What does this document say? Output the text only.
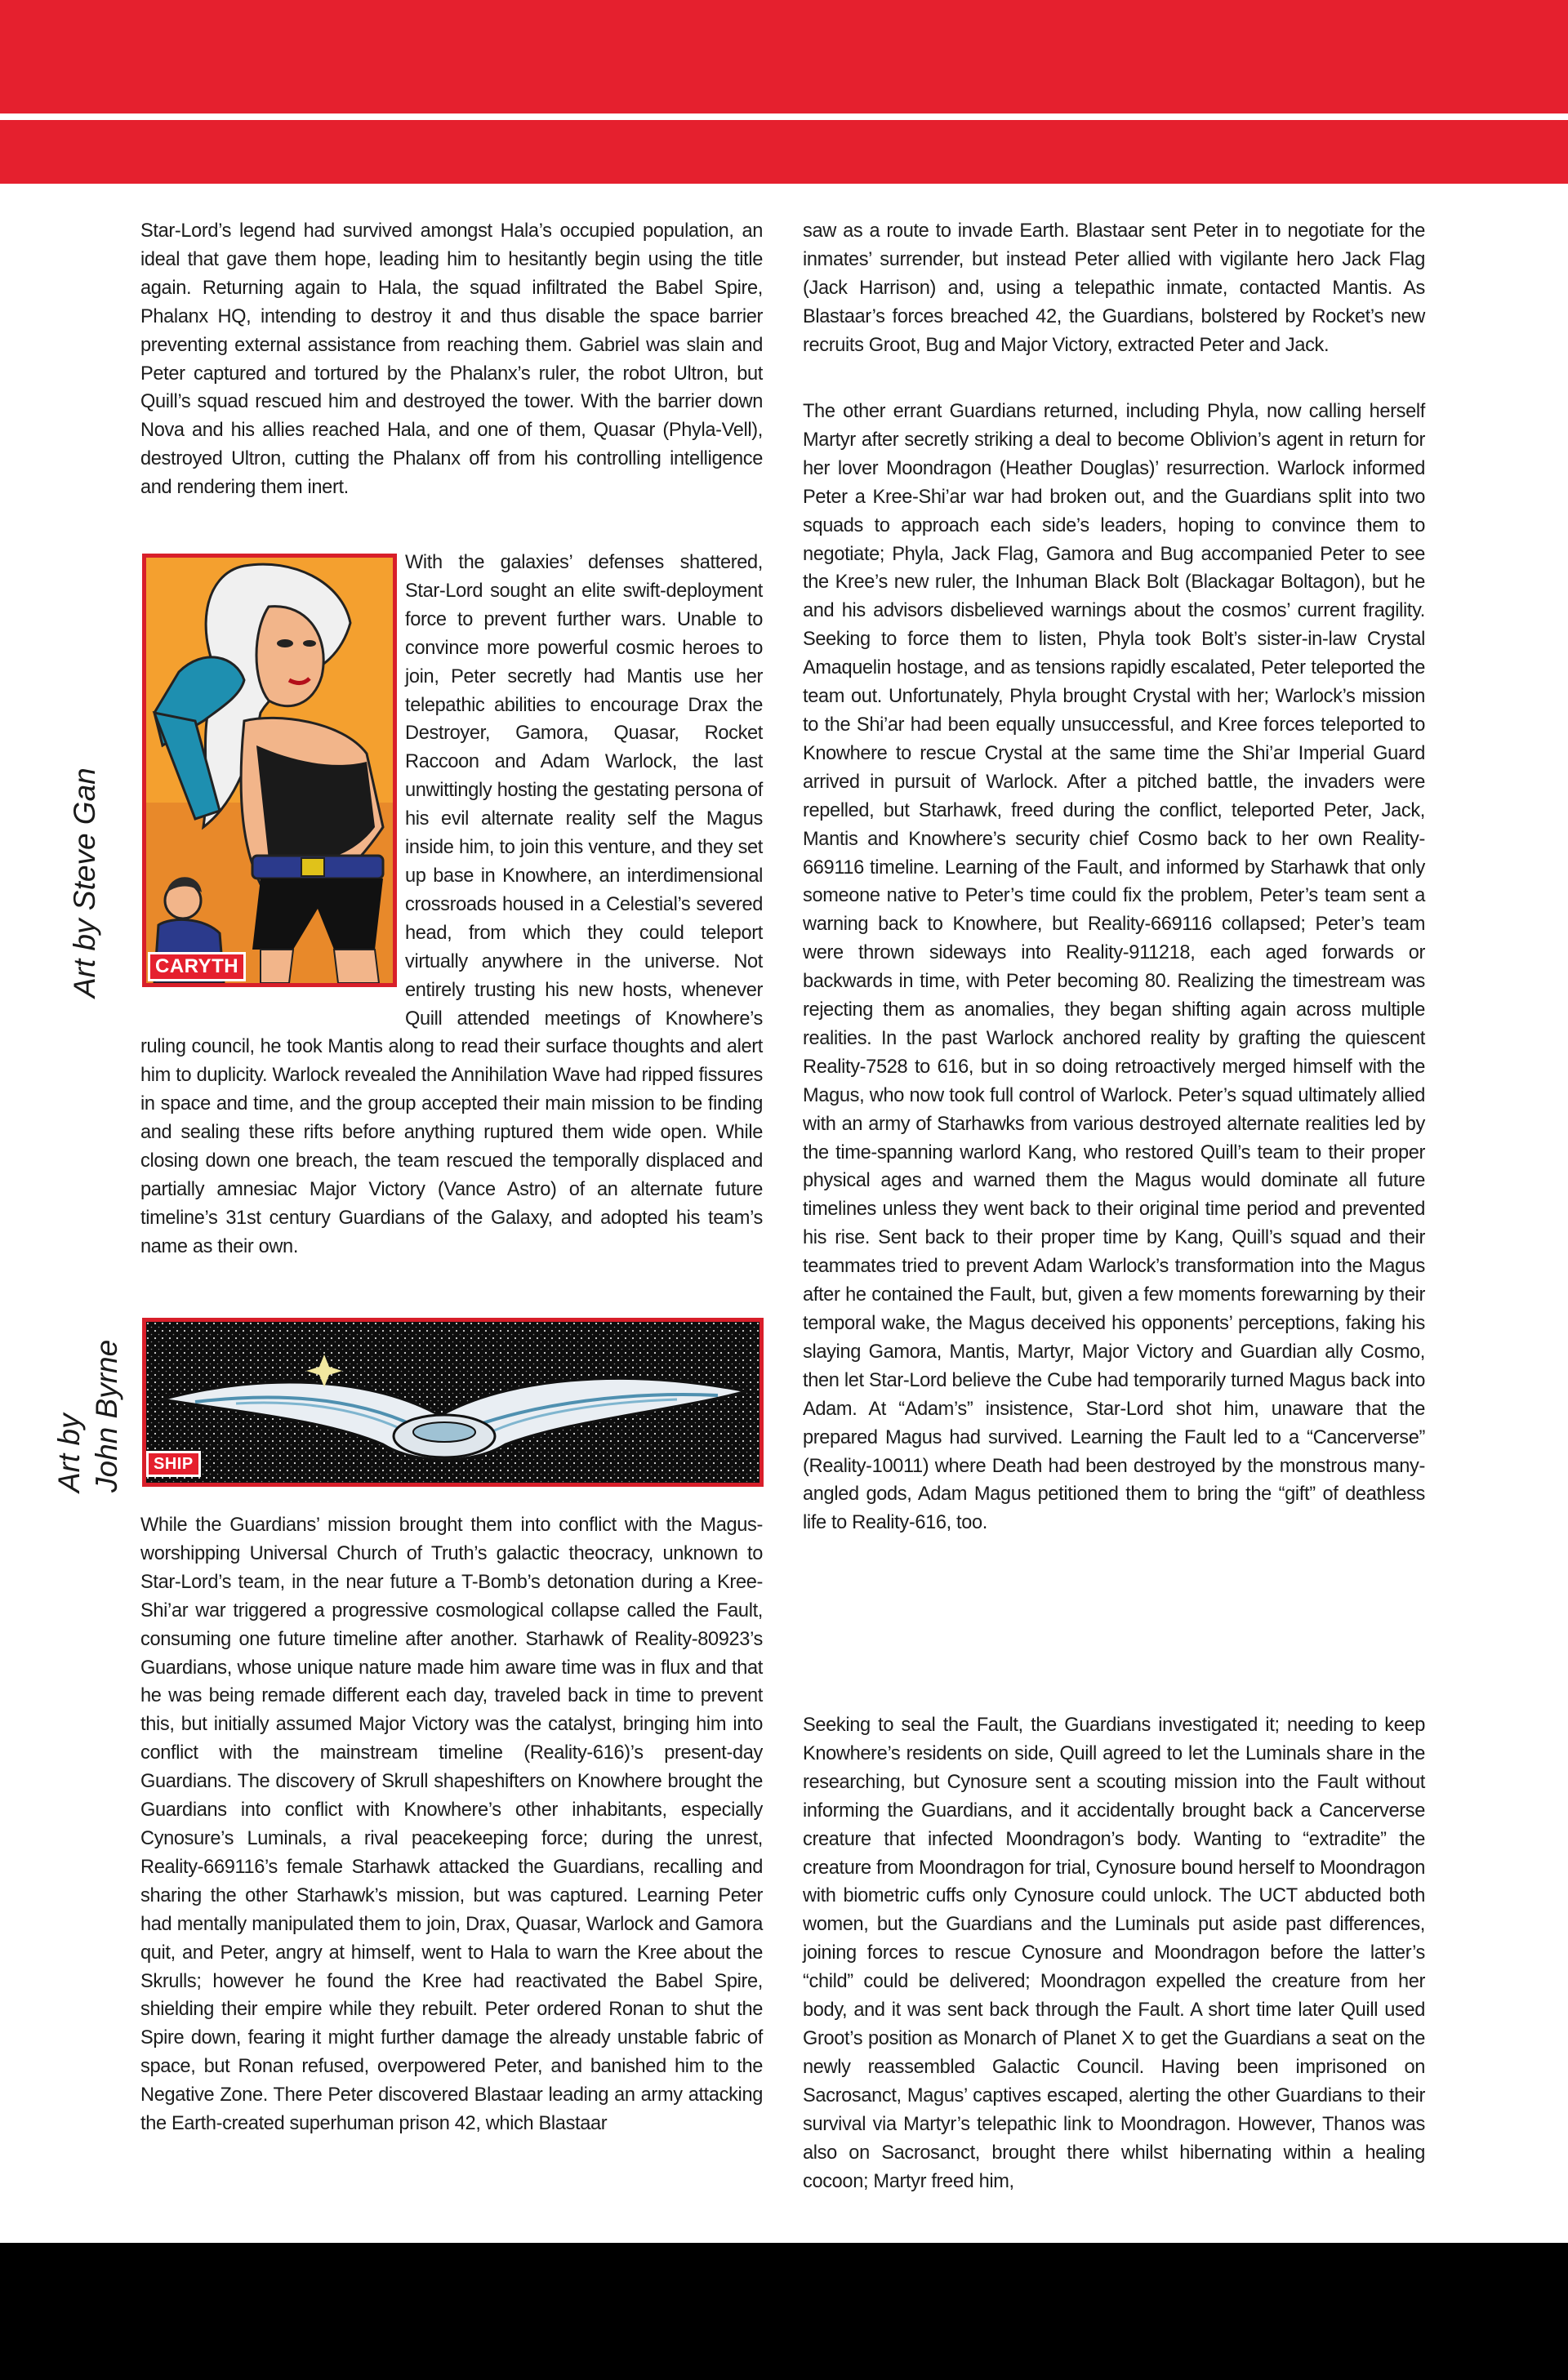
Star-Lord’s legend had survived amongst Hala’s occupied population, an ideal that gave them hope, leading him to hesitantly begin using the title again. Returning again to Hala, the squad infiltrated the Babel Spire, Phalanx HQ, intending to destroy it and thus disable the space barrier preventing external assistance from reaching them. Gabriel was slain and Peter captured and tortured by the Phalanx’s ruler, the robot Ultron, but Quill’s squad rescued him and destroyed the tower. With the barrier down Nova and his allies reached Hala, and one of them, Quasar (Phyla-Vell), destroyed Ultron, cutting the Phalanx off from his controlling intelligence and rendering them inert.

Art by Steve Gan	CARYTH

With the galaxies’ defenses shattered, Star-Lord sought an elite swift-deployment force to prevent further wars. Unable to convince more powerful cosmic heroes to join, Peter secretly had Mantis use her telepathic abilities to encourage Drax the Destroyer, Gamora, Quasar, Rocket Raccoon and Adam Warlock, the last unwittingly hosting the gestating persona of his evil alternate reality self the Magus inside him, to join this venture, and they set up base in Knowhere, an interdimensional crossroads housed in a Celestial’s severed head, from which they could teleport virtually anywhere in the universe. Not entirely trusting his new hosts, whenever Quill attended meetings of Knowhere’s ruling council, he took Mantis along to read their surface thoughts and alert him to duplicity. Warlock revealed the Annihilation Wave had ripped fissures in space and time, and the group accepted their main mission to be finding and sealing these rifts before anything ruptured them wide open. While closing down one breach, the team rescued the temporally displaced and partially amnesiac Major Victory (Vance Astro) of an alternate future timeline’s 31st century Guardians of the Galaxy, and adopted his team’s name as their own.

Art by John Byrne	SHIP

While the Guardians’ mission brought them into conflict with the Magus-worshipping Universal Church of Truth’s galactic theocracy, unknown to Star-Lord’s team, in the near future a T-Bomb’s detonation during a Kree-Shi’ar war triggered a progressive cosmological collapse called the Fault, consuming one future timeline after another. Starhawk of Reality-80923’s Guardians, whose unique nature made him aware time was in flux and that he was being remade different each day, traveled back in time to prevent this, but initially assumed Major Victory was the catalyst, bringing him into conflict with the mainstream timeline (Reality-616)’s present-day Guardians. The discovery of Skrull shapeshifters on Knowhere brought the Guardians into conflict with Knowhere’s other inhabitants, especially Cynosure’s Luminals, a rival peacekeeping force; during the unrest, Reality-669116’s female Starhawk attacked the Guardians, recalling and sharing the other Starhawk’s mission, but was captured. Learning Peter had mentally manipulated them to join, Drax, Quasar, Warlock and Gamora quit, and Peter, angry at himself, went to Hala to warn the Kree about the Skrulls; however he found the Kree had reactivated the Babel Spire, shielding their empire while they rebuilt. Peter ordered Ronan to shut the Spire down, fearing it might further damage the already unstable fabric of space, but Ronan refused, overpowered Peter, and banished him to the Negative Zone. There Peter discovered Blastaar leading an army attacking the Earth-created superhuman prison 42, which Blastaar

saw as a route to invade Earth. Blastaar sent Peter in to negotiate for the inmates’ surrender, but instead Peter allied with vigilante hero Jack Flag (Jack Harrison) and, using a telepathic inmate, contacted Mantis. As Blastaar’s forces breached 42, the Guardians, bolstered by Rocket’s new recruits Groot, Bug and Major Victory, extracted Peter and Jack.

The other errant Guardians returned, including Phyla, now calling herself Martyr after secretly striking a deal to become Oblivion’s agent in return for her lover Moondragon (Heather Douglas)’ resurrection. Warlock informed Peter a Kree-Shi’ar war had broken out, and the Guardians split into two squads to approach each side’s leaders, hoping to convince them to negotiate; Phyla, Jack Flag, Gamora and Bug accompanied Peter to see the Kree’s new ruler, the Inhuman Black Bolt (Blackagar Boltagon), but he and his advisors disbelieved warnings about the cosmos’ current fragility. Seeking to force them to listen, Phyla took Bolt’s sister-in-law Crystal Amaquelin hostage, and as tensions rapidly escalated, Peter teleported the team out. Unfortunately, Phyla brought Crystal with her; Warlock’s mission to the Shi’ar had been equally unsuccessful, and Kree forces teleported to Knowhere to rescue Crystal at the same time the Shi’ar Imperial Guard arrived in pursuit of Warlock. After a pitched battle, the invaders were repelled, but Starhawk, freed during the conflict, teleported Peter, Jack, Mantis and Knowhere’s security chief Cosmo back to her own Reality-669116 timeline. Learning of the Fault, and informed by Starhawk that only someone native to Peter’s time could fix the problem, Peter’s team sent a warning back to Knowhere, but Reality-669116 collapsed; Peter’s team were thrown sideways into Reality-911218, each aged forwards or backwards in time, with Peter becoming 80. Realizing the timestream was rejecting them as anomalies, they began shifting again across multiple realities. In the past Warlock anchored reality by grafting the quiescent Reality-7528 to 616, but in so doing retroactively merged himself with the Magus, who now took full control of Warlock. Peter’s squad ultimately allied with an army of Starhawks from various destroyed alternate realities led by the time-spanning warlord Kang, who restored Quill’s team to their proper physical ages and warned them the Magus would dominate all future timelines unless they went back to their original time period and prevented his rise. Sent back to their proper time by Kang, Quill’s squad and their teammates tried to prevent Adam Warlock’s transformation into the Magus after he contained the Fault, but, given a few moments forewarning by their temporal wake, the Magus deceived his opponents’ perceptions, faking his slaying Gamora, Mantis, Martyr, Major Victory and Guardian ally Cosmo, then let Star-Lord believe the Cube had temporarily turned Magus back into Adam. At “Adam’s” insistence, Star-Lord shot him, unaware that the prepared Magus had survived. Learning the Fault led to a “Cancerverse” (Reality-10011) where Death had been destroyed by the monstrous many-angled gods, Adam Magus petitioned them to bring the “gift” of deathless life to Reality-616, too.

Seeking to seal the Fault, the Guardians investigated it; needing to keep Knowhere’s residents on side, Quill agreed to let the Luminals share in the researching, but Cynosure sent a scouting mission into the Fault without informing the Guardians, and it accidentally brought back a Cancerverse creature that infected Moondragon’s body. Wanting to “extradite” the creature from Moondragon for trial, Cynosure bound herself to Moondragon with biometric cuffs only Cynosure could unlock. The UCT abducted both women, but the Guardians and the Luminals put aside past differences, joining forces to rescue Cynosure and Moondragon before the latter’s “child” could be delivered; Moondragon expelled the creature from her body, and it was sent back through the Fault. A short time later Quill used Groot’s position as Monarch of Planet X to get the Guardians a seat on the newly reassembled Galactic Council. Having been imprisoned on Sacrosanct, Magus’ captives escaped, alerting the other Guardians to their survival via Martyr’s telepathic link to Moondragon. However, Thanos was also on Sacrosanct, brought there whilst hibernating within a healing cocoon; Martyr freed him,
